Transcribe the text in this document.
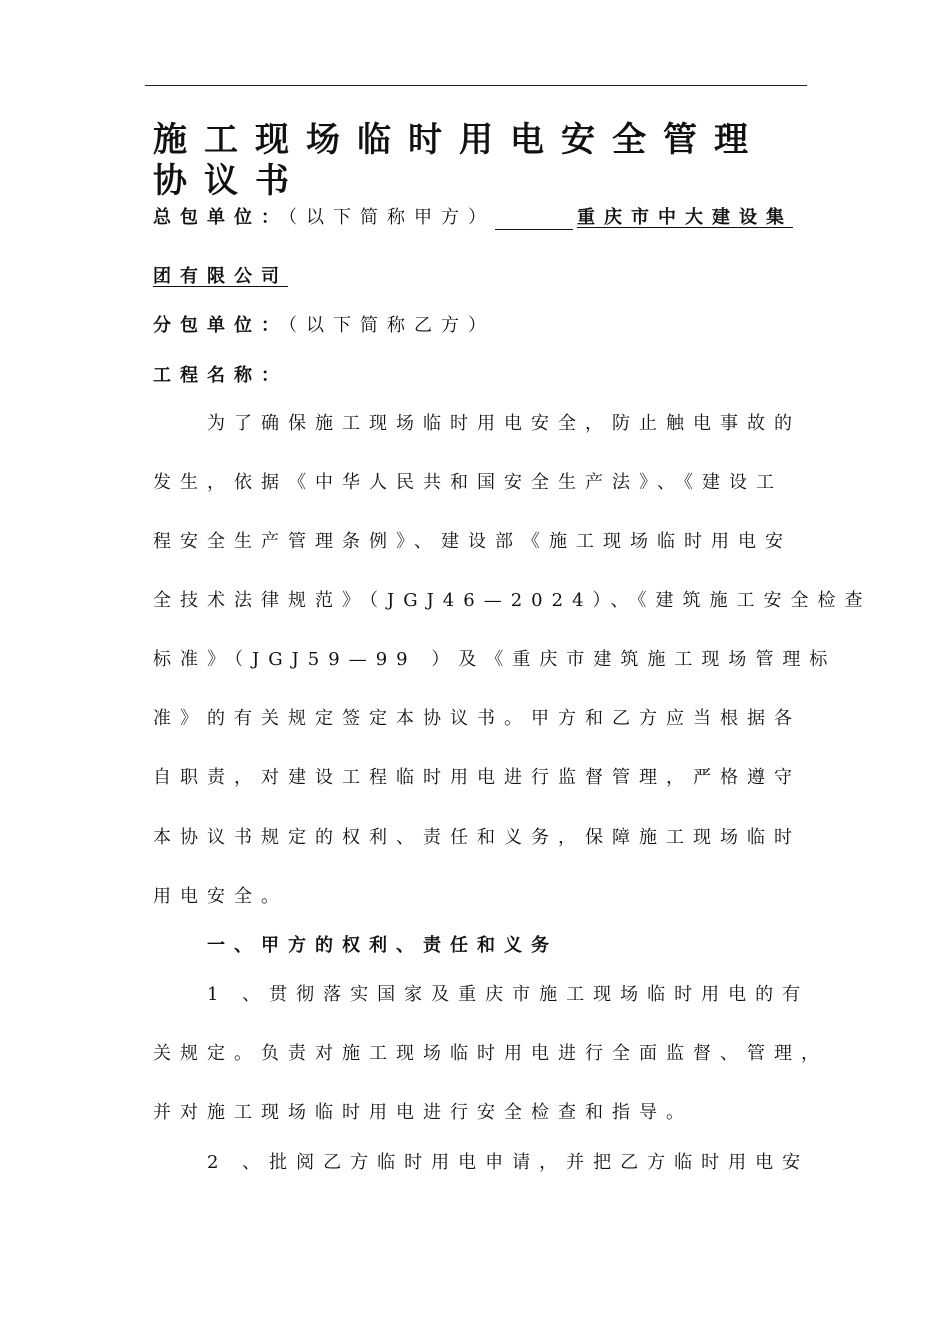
施工现场临时用电安全管理
协议书
总包单位：（以下简称甲方）	重庆市中大建设集
团有限公司
分包单位：（以下简称乙方）
工程名称：
为了确保施工现场临时用电安全，防止触电事故的
发生，依据《中华人民共和国安全生产法》、《建设工
程安全生产管理条例》、建设部《施工现场临时用电安
全技术法律规范》（JGJ46—2024）、《建筑施工安全检查
标准》（JGJ59—99 ）及《重庆市建筑施工现场管理标
准》的有关规定签定本协议书。甲方和乙方应当根据各
自职责，对建设工程临时用电进行监督管理，严格遵守
本协议书规定的权利、责任和义务，保障施工现场临时
用电安全。
一、甲方的权利、责任和义务
1 、贯彻落实国家及重庆市施工现场临时用电的有
关规定。负责对施工现场临时用电进行全面监督、管理，
并对施工现场临时用电进行安全检查和指导。
2 、批阅乙方临时用电申请，并把乙方临时用电安
